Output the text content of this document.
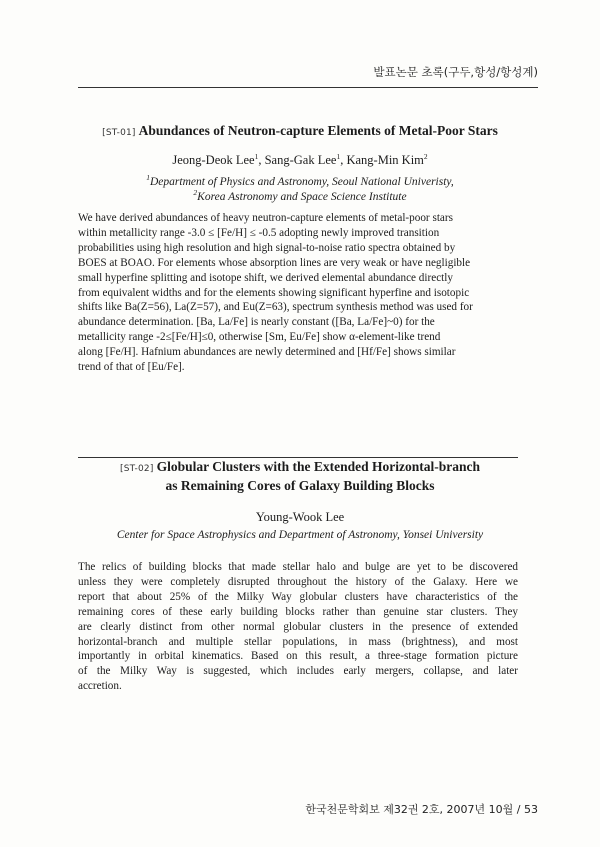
발표논문 초록(구두,항성/항성계)
[ST-01] Abundances of Neutron-capture Elements of Metal-Poor Stars
Jeong-Deok Lee$^1$, Sang-Gak Lee$^1$, Kang-Min Kim$^2$
$^1$Department of Physics and Astronomy, Seoul National Univeristy,
$^2$Korea Astronomy and Space Science Institute

We have derived abundances of heavy neutron-capture elements of metal-poor stars
within metallicity range -3.0 ≤ [Fe/H] ≤ -0.5 adopting newly improved transition
probabilities using high resolution and high signal-to-noise ratio spectra obtained by
BOES at BOAO. For elements whose absorption lines are very weak or have negligible
small hyperfine splitting and isotope shift, we derived elemental abundance directly
from equivalent widths and for the elements showing significant hyperfine and isotopic
shifts like Ba(Z=56), La(Z=57), and Eu(Z=63), spectrum synthesis method was used for
abundance determination. [Ba, La/Fe] is nearly constant ([Ba, La/Fe]~0) for the
metallicity range -2≤[Fe/H]≤0, otherwise [Sm, Eu/Fe] show α-element-like trend
along [Fe/H]. Hafnium abundances are newly determined and [Hf/Fe] shows similar
trend of that of [Eu/Fe].

[ST-02] Globular Clusters with the Extended Horizontal-branch
as Remaining Cores of Galaxy Building Blocks
Young-Wook Lee
Center for Space Astrophysics and Department of Astronomy, Yonsei University

The relics of building blocks that made stellar halo and bulge are yet to be discovered
unless they were completely disrupted throughout the history of the Galaxy. Here we
report that about 25% of the Milky Way globular clusters have characteristics of the
remaining cores of these early building blocks rather than genuine star clusters. They
are clearly distinct from other normal globular clusters in the presence of extended
horizontal-branch and multiple stellar populations, in mass (brightness), and most
importantly in orbital kinematics. Based on this result, a three-stage formation picture
of the Milky Way is suggested, which includes early mergers, collapse, and later
accretion.

한국천문학회보 제32권 2호, 2007년 10월 / 53
